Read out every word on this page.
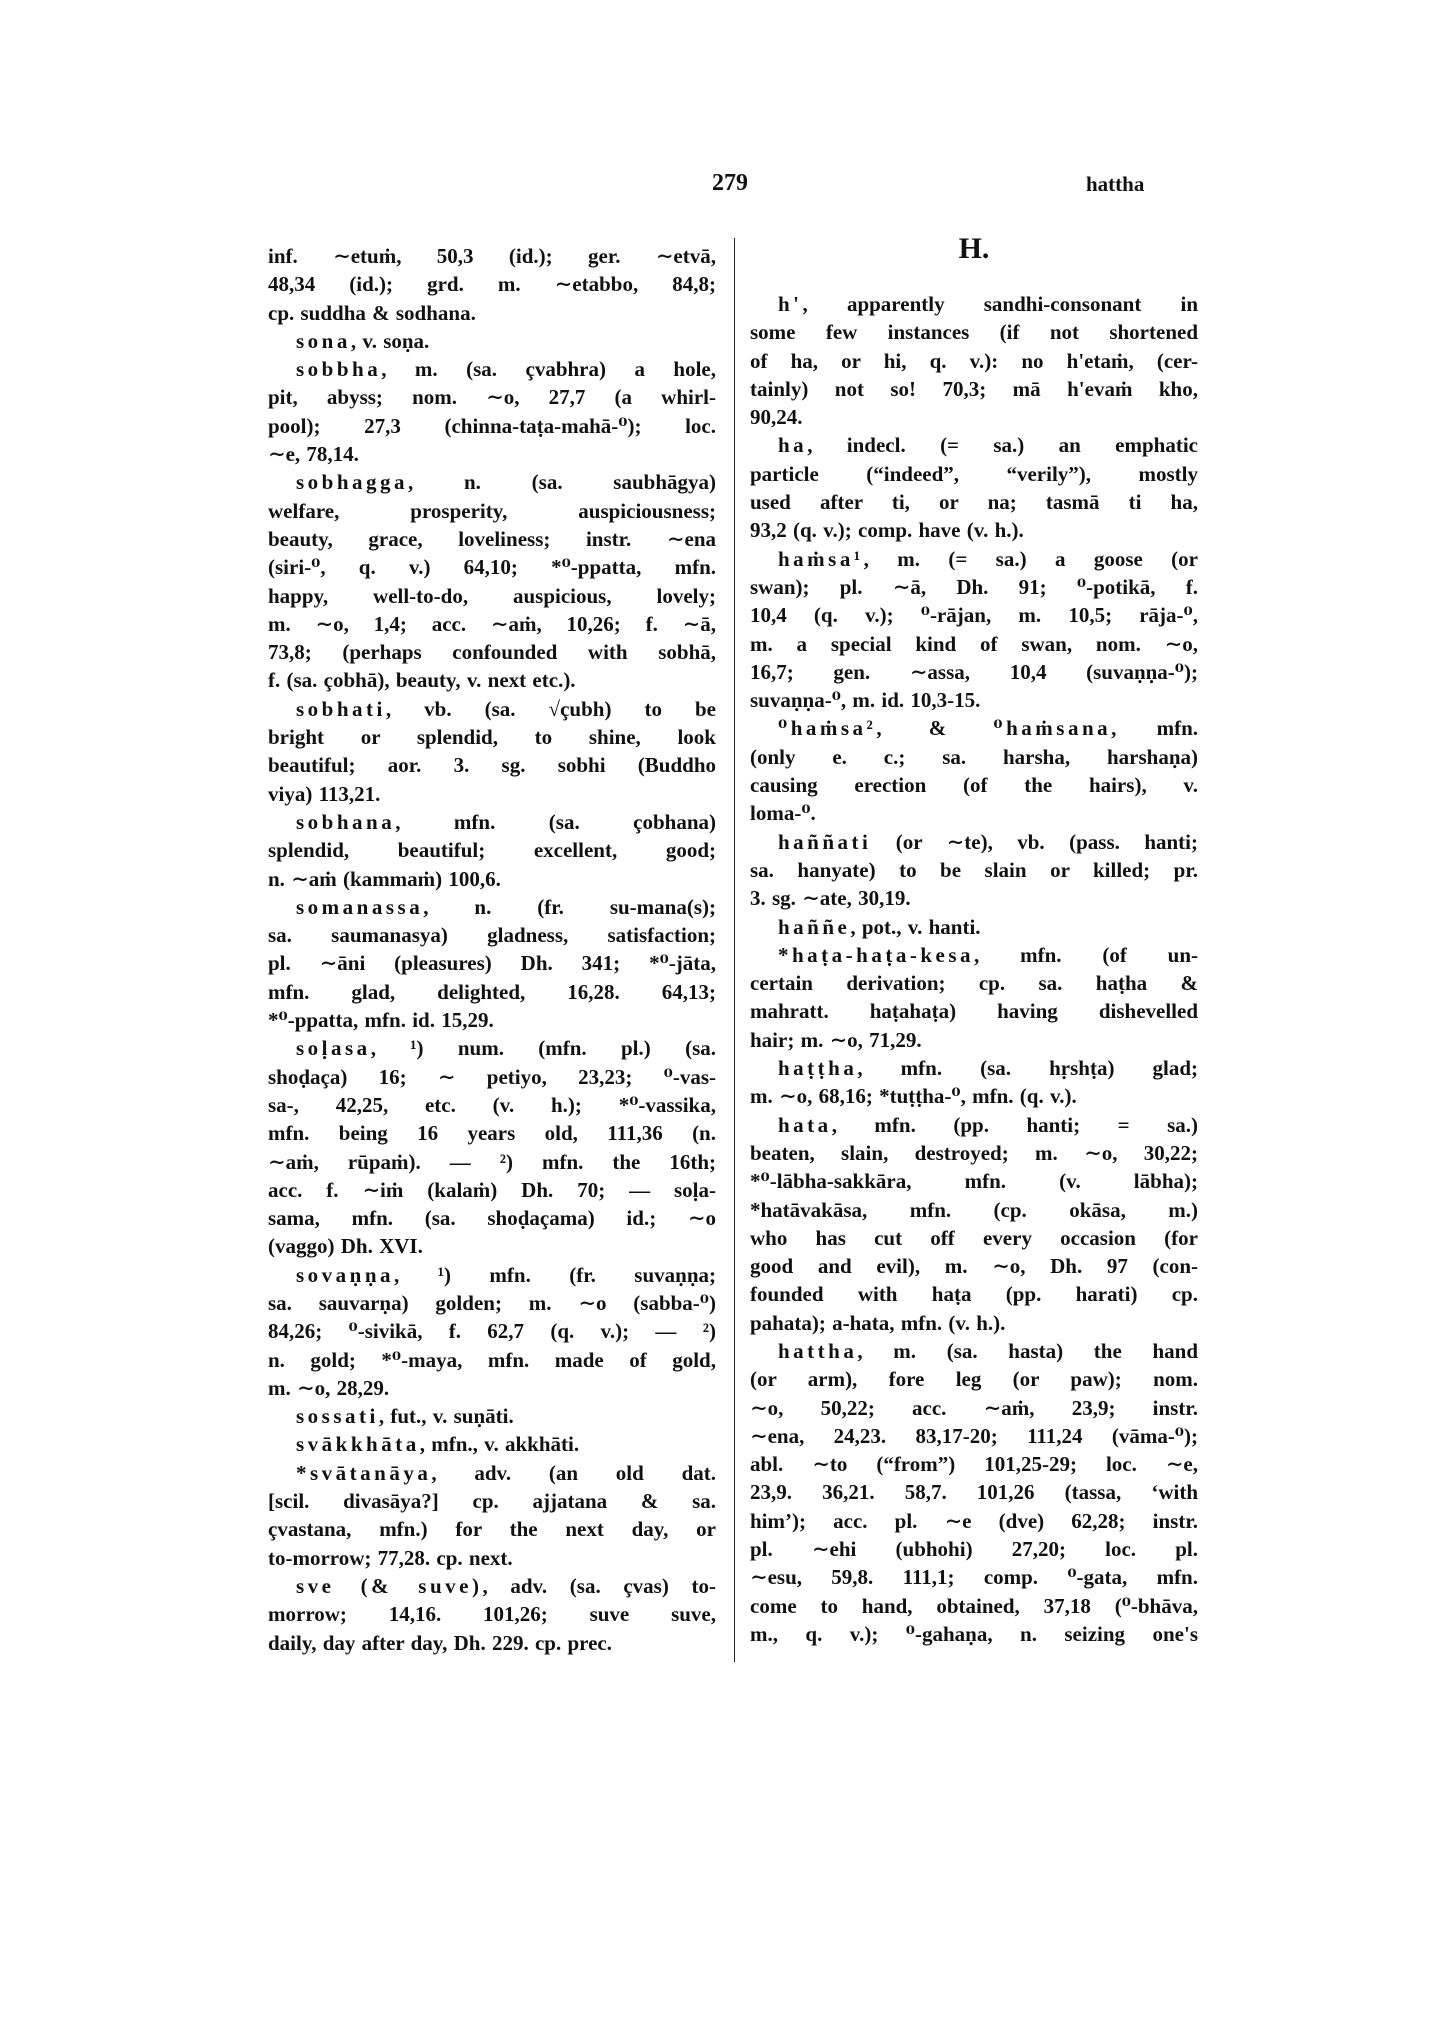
279	hattha
H.
inf. ∼etuṁ, 50,3 (id.); ger. ∼etvā,
48,34 (id.); grd. m. ∼etabbo, 84,8;
cp. suddha & sodhana.
sona, v. soṇa.
sobbha, m. (sa. çvabhra) a hole,
pit, abyss; nom. ∼o, 27,7 (a whirl-
pool); 27,3 (chinna-taṭa-mahā-⁰); loc.
∼e, 78,14.
sobhagga, n. (sa. saubhāgya)
welfare, prosperity, auspiciousness;
beauty, grace, loveliness; instr. ∼ena
(siri-⁰, q. v.) 64,10; *⁰-ppatta, mfn.
happy, well-to-do, auspicious, lovely;
m. ∼o, 1,4; acc. ∼aṁ, 10,26; f. ∼ā,
73,8; (perhaps confounded with sobhā,
f. (sa. çobhā), beauty, v. next etc.).
sobhati, vb. (sa. √çubh) to be
bright or splendid, to shine, look
beautiful; aor. 3. sg. sobhi (Buddho
viya) 113,21.
sobhana, mfn. (sa. çobhana)
splendid, beautiful; excellent, good;
n. ∼aṁ (kammaṁ) 100,6.
somanassa, n. (fr. su-mana(s);
sa. saumanasya) gladness, satisfaction;
pl. ∼āni (pleasures) Dh. 341; *⁰-jāta,
mfn. glad, delighted, 16,28. 64,13;
*⁰-ppatta, mfn. id. 15,29.
soḷasa, ¹) num. (mfn. pl.) (sa.
shoḍaça) 16; ∼ petiyo, 23,23; ⁰-vas-
sa-, 42,25, etc. (v. h.); *⁰-vassika,
mfn. being 16 years old, 111,36 (n.
∼aṁ, rūpaṁ). — ²) mfn. the 16th;
acc. f. ∼iṁ (kalaṁ) Dh. 70; — soḷa-
sama, mfn. (sa. shoḍaçama) id.; ∼o
(vaggo) Dh. XVI.
sovaṇṇa, ¹) mfn. (fr. suvaṇṇa;
sa. sauvarṇa) golden; m. ∼o (sabba-⁰)
84,26; ⁰-sivikā, f. 62,7 (q. v.); — ²)
n. gold; *⁰-maya, mfn. made of gold,
m. ∼o, 28,29.
sossati, fut., v. suṇāti.
svākkhāta, mfn., v. akkhāti.
*svātanāya, adv. (an old dat.
[scil. divasāya?] cp. ajjatana & sa.
çvastana, mfn.) for the next day, or
to-morrow; 77,28. cp. next.
sve (& suve), adv. (sa. çvas) to-
morrow; 14,16. 101,26; suve suve,
daily, day after day, Dh. 229. cp. prec.
h', apparently sandhi-consonant in
some few instances (if not shortened
of ha, or hi, q. v.): no h'etaṁ, (cer-
tainly) not so! 70,3; mā h'evaṁ kho,
90,24.
ha, indecl. (= sa.) an emphatic
particle (“indeed”, “verily”), mostly
used after ti, or na; tasmā ti ha,
93,2 (q. v.); comp. have (v. h.).
haṁsa¹, m. (= sa.) a goose (or
swan); pl. ∼ā, Dh. 91; ⁰-potikā, f.
10,4 (q. v.); ⁰-rājan, m. 10,5; rāja-⁰,
m. a special kind of swan, nom. ∼o,
16,7; gen. ∼assa, 10,4 (suvaṇṇa-⁰);
suvaṇṇa-⁰, m. id. 10,3-15.
⁰haṁsa², & ⁰haṁsana, mfn.
(only e. c.; sa. harsha, harshaṇa)
causing erection (of the hairs), v.
loma-⁰.
haññati (or ∼te), vb. (pass. hanti;
sa. hanyate) to be slain or killed; pr.
3. sg. ∼ate, 30,19.
haññe, pot., v. hanti.
*haṭa-haṭa-kesa, mfn. (of un-
certain derivation; cp. sa. haṭha &
mahratt. haṭahaṭa) having dishevelled
hair; m. ∼o, 71,29.
haṭṭha, mfn. (sa. hṛshṭa) glad;
m. ∼o, 68,16; *tuṭṭha-⁰, mfn. (q. v.).
hata, mfn. (pp. hanti; = sa.)
beaten, slain, destroyed; m. ∼o, 30,22;
*⁰-lābha-sakkāra, mfn. (v. lābha);
*hatāvakāsa, mfn. (cp. okāsa, m.)
who has cut off every occasion (for
good and evil), m. ∼o, Dh. 97 (con-
founded with haṭa (pp. harati) cp.
pahata); a-hata, mfn. (v. h.).
hattha, m. (sa. hasta) the hand
(or arm), fore leg (or paw); nom.
∼o, 50,22; acc. ∼aṁ, 23,9; instr.
∼ena, 24,23. 83,17-20; 111,24 (vāma-⁰);
abl. ∼to (“from”) 101,25-29; loc. ∼e,
23,9. 36,21. 58,7. 101,26 (tassa, ‘with
him’); acc. pl. ∼e (dve) 62,28; instr.
pl. ∼ehi (ubhohi) 27,20; loc. pl.
∼esu, 59,8. 111,1; comp. ⁰-gata, mfn.
come to hand, obtained, 37,18 (⁰-bhāva,
m., q. v.); ⁰-gahaṇa, n. seizing one's
